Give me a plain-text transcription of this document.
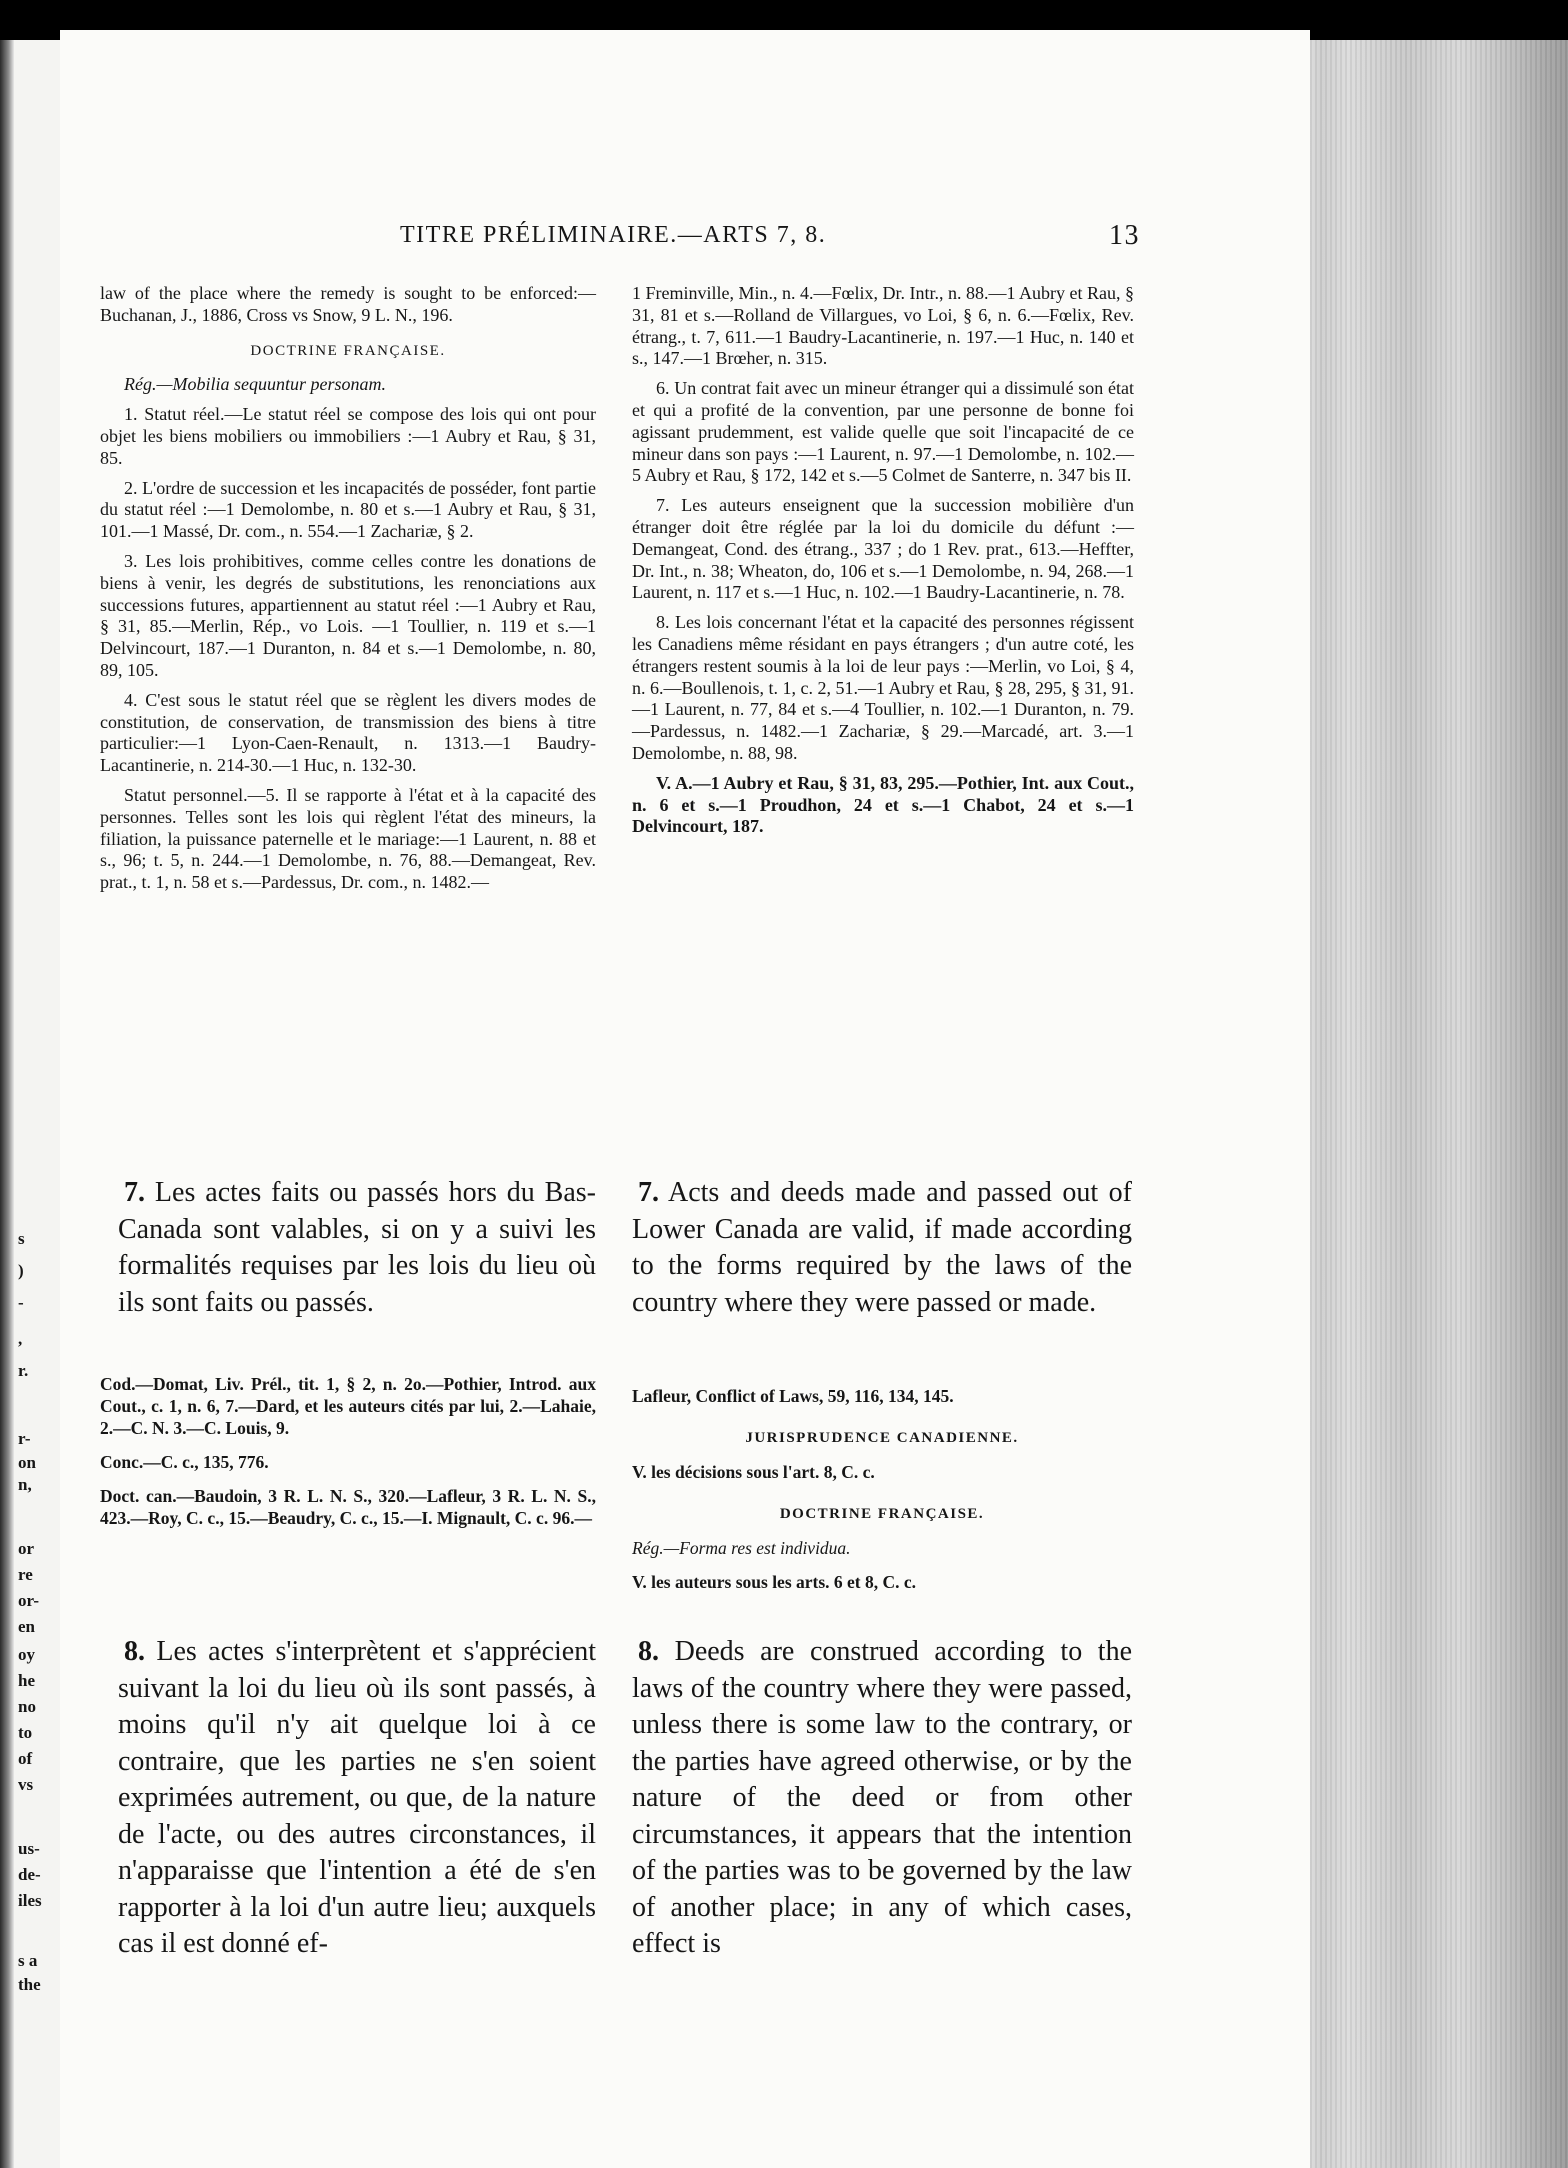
s
)
-
,
r.
r-
on
n,
or
re
or-
en
oy
he
no
to
of
vs
us-
de-
iles
s a
the
TITRE PRÉLIMINAIRE.—ARTS 7, 8.	13

law of the place where the remedy is sought to be enforced:—Buchanan, J., 1886, Cross vs Snow, 9 L. N., 196.

DOCTRINE FRANÇAISE.

Rég.—Mobilia sequuntur personam.

1. Statut réel.—Le statut réel se compose des lois qui ont pour objet les biens mobiliers ou immobiliers :—1 Aubry et Rau, § 31, 85.

2. L'ordre de succession et les incapacités de posséder, font partie du statut réel :—1 Demolombe, n. 80 et s.—1 Aubry et Rau, § 31, 101.—1 Massé, Dr. com., n. 554.—1 Zachariæ, § 2.

3. Les lois prohibitives, comme celles contre les donations de biens à venir, les degrés de substitutions, les renonciations aux successions futures, appartiennent au statut réel :—1 Aubry et Rau, § 31, 85.—Merlin, Rép., vo Lois. —1 Toullier, n. 119 et s.—1 Delvincourt, 187.—1 Duranton, n. 84 et s.—1 Demolombe, n. 80, 89, 105.

4. C'est sous le statut réel que se règlent les divers modes de constitution, de conservation, de transmission des biens à titre particulier:—1 Lyon-Caen-Renault, n. 1313.—1 Baudry-Lacantinerie, n. 214-30.—1 Huc, n. 132-30.

Statut personnel.—5. Il se rapporte à l'état et à la capacité des personnes. Telles sont les lois qui règlent l'état des mineurs, la filiation, la puissance paternelle et le mariage:—1 Laurent, n. 88 et s., 96; t. 5, n. 244.—1 Demolombe, n. 76, 88.—Demangeat, Rev. prat., t. 1, n. 58 et s.—Pardessus, Dr. com., n. 1482.—

1 Freminville, Min., n. 4.—Fœlix, Dr. Intr., n. 88.—1 Aubry et Rau, § 31, 81 et s.—Rolland de Villargues, vo Loi, § 6, n. 6.—Fœlix, Rev. étrang., t. 7, 611.—1 Baudry-Lacantinerie, n. 197.—1 Huc, n. 140 et s., 147.—1 Brœher, n. 315.

6. Un contrat fait avec un mineur étranger qui a dissimulé son état et qui a profité de la convention, par une personne de bonne foi agissant prudemment, est valide quelle que soit l'incapacité de ce mineur dans son pays :—1 Laurent, n. 97.—1 Demolombe, n. 102.—5 Aubry et Rau, § 172, 142 et s.—5 Colmet de Santerre, n. 347 bis II.

7. Les auteurs enseignent que la succession mobilière d'un étranger doit être réglée par la loi du domicile du défunt :—Demangeat, Cond. des étrang., 337 ; do 1 Rev. prat., 613.—Heffter, Dr. Int., n. 38; Wheaton, do, 106 et s.—1 Demolombe, n. 94, 268.—1 Laurent, n. 117 et s.—1 Huc, n. 102.—1 Baudry-Lacantinerie, n. 78.

8. Les lois concernant l'état et la capacité des personnes régissent les Canadiens même résidant en pays étrangers ; d'un autre coté, les étrangers restent soumis à la loi de leur pays :—Merlin, vo Loi, § 4, n. 6.—Boullenois, t. 1, c. 2, 51.—1 Aubry et Rau, § 28, 295, § 31, 91.—1 Laurent, n. 77, 84 et s.—4 Toullier, n. 102.—1 Duranton, n. 79.—Pardessus, n. 1482.—1 Zachariæ, § 29.—Marcadé, art. 3.—1 Demolombe, n. 88, 98.

V. A.—1 Aubry et Rau, § 31, 83, 295.—Pothier, Int. aux Cout., n. 6 et s.—1 Proudhon, 24 et s.—1 Chabot, 24 et s.—1 Delvincourt, 187.

7. Les actes faits ou passés hors du Bas-Canada sont valables, si on y a suivi les formalités requises par les lois du lieu où ils sont faits ou passés.
7. Acts and deeds made and passed out of Lower Canada are valid, if made according to the forms required by the laws of the country where they were passed or made.

Cod.—Domat, Liv. Prél., tit. 1, § 2, n. 2o.—Pothier, Introd. aux Cout., c. 1, n. 6, 7.—Dard, et les auteurs cités par lui, 2.—Lahaie, 2.—C. N. 3.—C. Louis, 9.

Conc.—C. c., 135, 776.

Doct. can.—Baudoin, 3 R. L. N. S., 320.—Lafleur, 3 R. L. N. S., 423.—Roy, C. c., 15.—Beaudry, C. c., 15.—I. Mignault, C. c. 96.—

Lafleur, Conflict of Laws, 59, 116, 134, 145.

JURISPRUDENCE CANADIENNE.

V. les décisions sous l'art. 8, C. c.

DOCTRINE FRANÇAISE.

Rég.—Forma res est individua.

V. les auteurs sous les arts. 6 et 8, C. c.

8. Les actes s'interprètent et s'apprécient suivant la loi du lieu où ils sont passés, à moins qu'il n'y ait quelque loi à ce contraire, que les parties ne s'en soient exprimées autrement, ou que, de la nature de l'acte, ou des autres circonstances, il n'apparaisse que l'intention a été de s'en rapporter à la loi d'un autre lieu; auxquels cas il est donné ef-
8. Deeds are construed according to the laws of the country where they were passed, unless there is some law to the contrary, or the parties have agreed otherwise, or by the nature of the deed or from other circumstances, it appears that the intention of the parties was to be governed by the law of another place; in any of which cases, effect is
